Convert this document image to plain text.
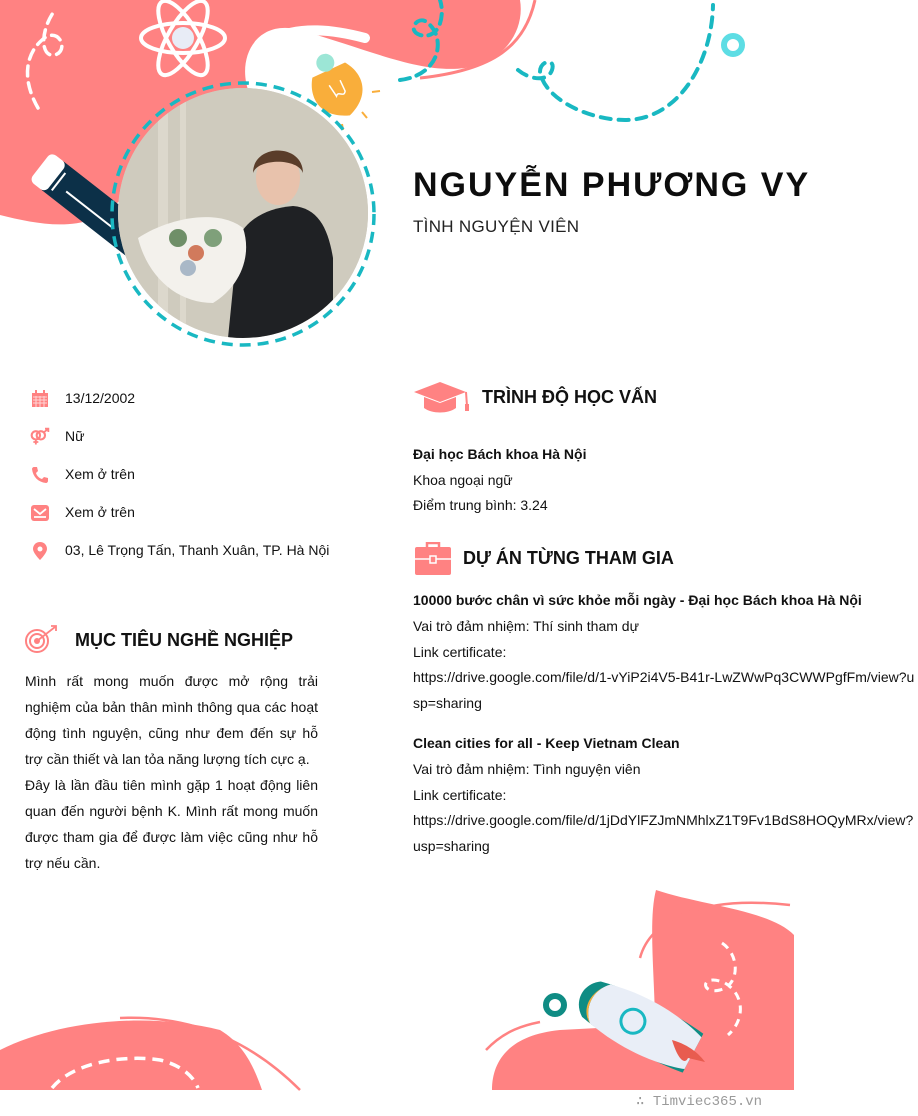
NGUYỄN PHƯƠNG VY
TÌNH NGUYỆN VIÊN
13/12/2002
Nữ
Xem ở trên
Xem ở trên
03, Lê Trọng Tấn, Thanh Xuân, TP. Hà Nội
MỤC TIÊU NGHỀ NGHIỆP

Mình rất mong muốn được mở rộng trải nghiệm của bản thân mình thông qua các hoạt động tình nguyện, cũng như đem đến sự hỗ trợ cần thiết và lan tỏa năng lượng tích cực ạ.

Đây là lần đầu tiên mình gặp 1 hoạt động liên quan đến người bệnh K. Mình rất mong muốn được tham gia để được làm việc cũng như hỗ trợ nếu cần.

TRÌNH ĐỘ HỌC VẤN
Đại học Bách khoa Hà Nội
Khoa ngoại ngữ
Điểm trung bình: 3.24
DỰ ÁN TỪNG THAM GIA
10000 bước chân vì sức khỏe mỗi ngày - Đại học Bách khoa Hà Nội
Vai trò đảm nhiệm: Thí sinh tham dự
Link certificate:
https://drive.google.com/file/d/1-vYiP2i4V5-B41r-LwZWwPq3CWWPgfFm/view?usp=sharing
Clean cities for all - Keep Vietnam Clean
Vai trò đảm nhiệm: Tình nguyện viên
Link certificate:
https://drive.google.com/file/d/1jDdYlFZJmNMhlxZ1T9Fv1BdS8HOQyMRx/view?usp=sharing
∴ Timviec365.vn
